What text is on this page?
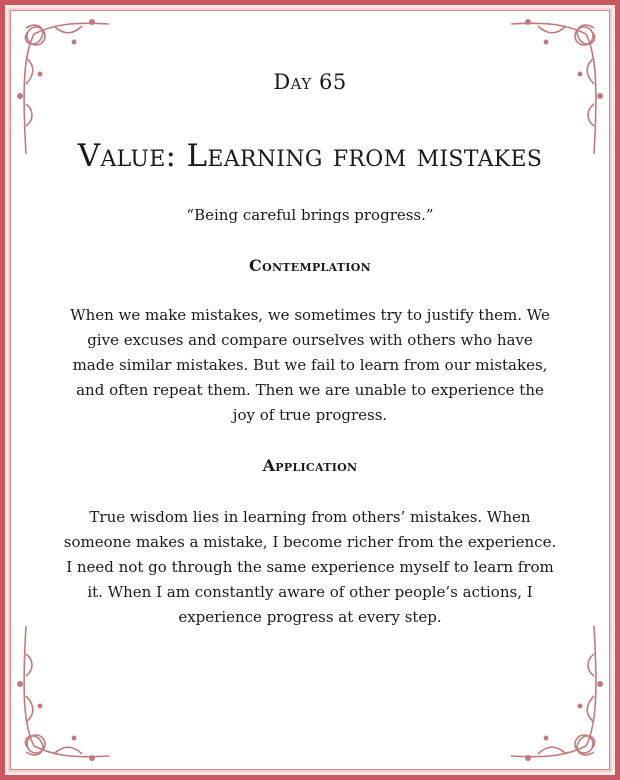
Day 65

Value: Learning from mistakes

“Being careful brings progress.”

Contemplation

When we make mistakes, we sometimes try to justify them. We
give excuses and compare ourselves with others who have
made similar mistakes. But we fail to learn from our mistakes,
and often repeat them. Then we are unable to experience the
joy of true progress.

Application

True wisdom lies in learning from others’ mistakes. When
someone makes a mistake, I become richer from the experience.
I need not go through the same experience myself to learn from
it. When I am constantly aware of other people’s actions, I
experience progress at every step.
